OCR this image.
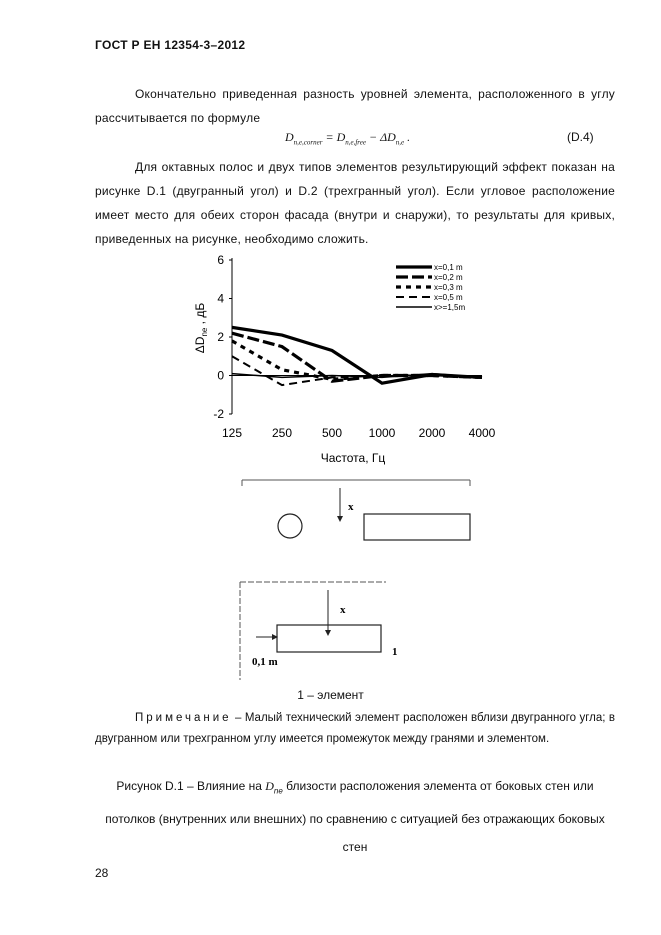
ГОСТ Р ЕН 12354-3–2012
Окончательно приведенная разность уровней элемента, расположенного в углу рассчитывается по формуле
$D_{n,e,corner} = D_{n,e,free} - \Delta D_{n,e}$ .	(D.4)
Для октавных полос и двух типов элементов результирующий эффект показан на рисунке D.1 (двугранный угол) и D.2 (трехгранный угол). Если угловое расположение имеет место для обеих сторон фасада (внутри и снаружи), то результаты для кривых, приведенных на рисунке, необходимо сложить.
6
4
2
0
-2
125 250 500 1000 2000 4000
x=0,1 m
x=0,2 m
x=0,3 m
x=0,5 m
x>=1,5m
$\Delta D_{ne}$ , дБ
Частота, Гц
x
x
0,1 m
1
1 – элемент
Примечание – Малый технический элемент расположен вблизи двугранного угла; в двугранном или трехгранном углу имеется промежуток между гранями и элементом.
Рисунок D.1 – Влияние на $D_{ne}$ близости расположения элемента от боковых стен или потолков (внутренних или внешних) по сравнению с ситуацией без отражающих боковых стен
28
